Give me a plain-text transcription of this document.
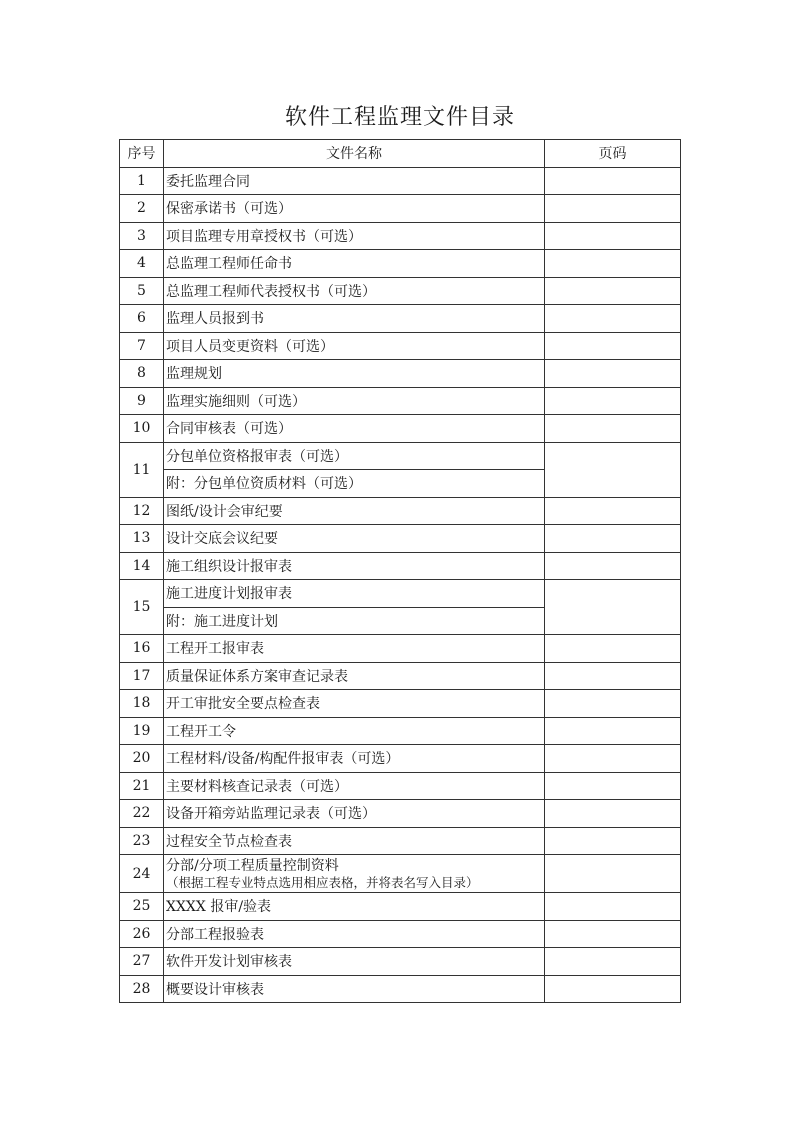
软件工程监理文件目录
序号	文件名称	页码
1	委托监理合同	
2	保密承诺书（可选）	
3	项目监理专用章授权书（可选）	
4	总监理工程师任命书	
5	总监理工程师代表授权书（可选）	
6	监理人员报到书	
7	项目人员变更资料（可选）	
8	监理规划	
9	监理实施细则（可选）	
10	合同审核表（可选）	
11	分包单位资格报审表（可选）	
	附：分包单位资质材料（可选）	
12	图纸/设计会审纪要	
13	设计交底会议纪要	
14	施工组织设计报审表	
15	施工进度计划报审表	
	附：施工进度计划	
16	工程开工报审表	
17	质量保证体系方案审查记录表	
18	开工审批安全要点检查表	
19	工程开工令	
20	工程材料/设备/构配件报审表（可选）	
21	主要材料核查记录表（可选）	
22	设备开箱旁站监理记录表（可选）	
23	过程安全节点检查表	
24	分部/分项工程质量控制资料
（根据工程专业特点选用相应表格，并将表名写入目录）	

25	XXXX 报审/验表	
26	分部工程报验表	
27	软件开发计划审核表	
28	概要设计审核表	
